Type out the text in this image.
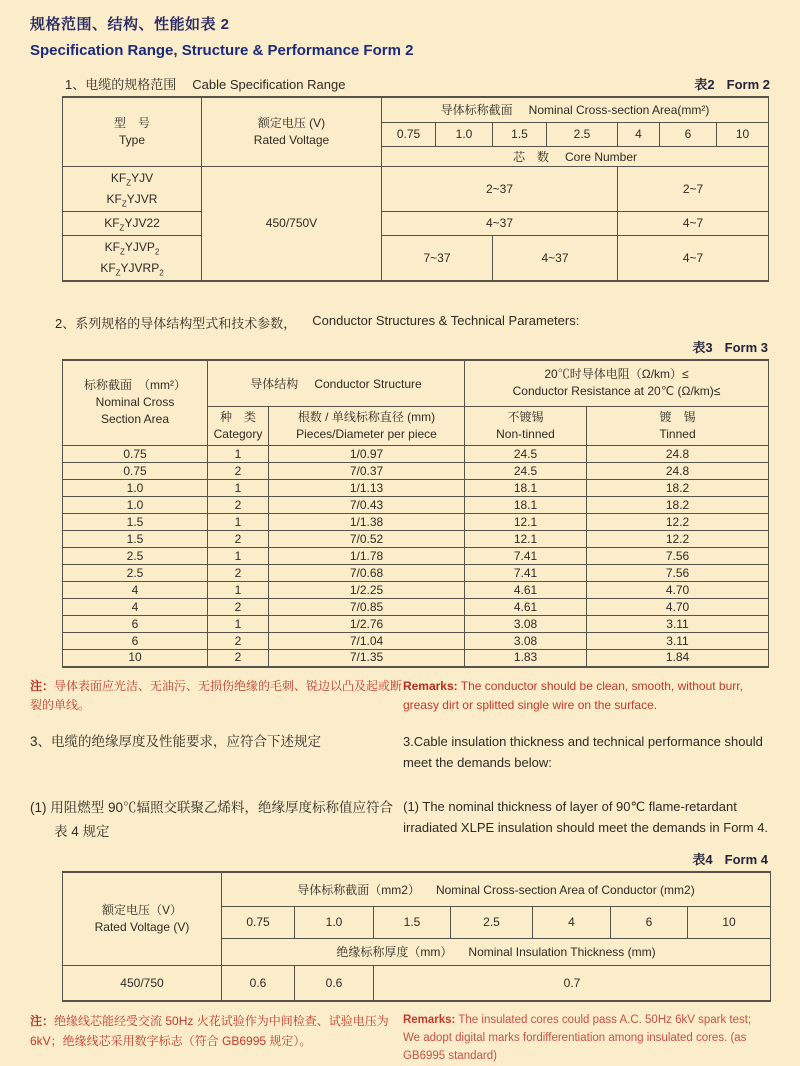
规格范围、结构、性能如表 2
Specification Range, Structure & Performance Form 2
1、电缆的规格范围 Cable Specification Range	表2 Form 2
型　号
Type

额定电压 (V)
Rated Voltage
	导体标称截面 Nominal Cross-section Area(mm²)
		0.75	1.0	1.5	2.5	4	6	10
		芯　数 Core Number						

$KF_ZYJV$
$KF_ZYJVR$	450/750V	2~37				2~7		

$KF_ZYJV22$		4~37				4~7		

$KF_ZYJVP_2$
$KF_ZYJVRP_2$		7~37		4~37		4~7		
2、系列规格的导体结构型式和技术参数， Conductor Structures & Technical Parameters:
表3 Form 3
标称截面　（mm²）
Nominal Cross
Section Area
	导体结构 Conductor Structure	
20℃时导体电阻（Ω/km）≤
Conductor Resistance at 20℃ (Ω/km)≤

种　类
Category

根数 / 单线标称直径 (mm)
Pieces/Diameter per piece

不镀锡
Non-tinned

镀　锡
Tinned

0.75	1	1/0.97	24.5	24.8
0.75	2	7/0.37	24.5	24.8
1.0	1	1/1.13	18.1	18.2
1.0	2	7/0.43	18.1	18.2
1.5	1	1/1.38	12.1	12.2
1.5	2	7/0.52	12.1	12.2
2.5	1	1/1.78	7.41	7.56
2.5	2	7/0.68	7.41	7.56
4	1	1/2.25	4.61	4.70
4	2	7/0.85	4.61	4.70
6	1	1/2.76	3.08	3.11
6	2	7/1.04	3.08	3.11
10	2	7/1.35	1.83	1.84
注：导体表面应光洁、无油污、无损伤绝缘的毛刺、锐边以凸及起或断裂的单线。
Remarks: The conductor should be clean, smooth, without burr, greasy dirt or splitted single wire on the surface.
3、电缆的绝缘厚度及性能要求，应符合下述规定	3.Cable insulation thickness and technical performance should meet the demands below:
(1) 用阻燃型 90℃辐照交联聚乙烯料，绝缘厚度标称值应符合表 4 规定
(1) The nominal thickness of layer of 90℃ flame-retardant irradiated XLPE insulation should meet the demands in Form 4.
表4 Form 4
额定电压（V）
Rated Voltage (V)	导体标称截面（mm2） Nominal Cross-section Area of Conductor (mm2)						
	0.75	1.0	1.5	2.5	4	6	10
	绝缘标称厚度（mm） Nominal Insulation Thickness (mm)						
450/750	0.6	0.6	0.7				
注：绝缘线芯能经受交流 50Hz 火花试验作为中间检查、试验电压为6kV；绝缘线芯采用数字标志（符合 GB6995 规定）。
Remarks: The insulated cores could pass A.C. 50Hz 6kV spark test; We adopt digital marks fordifferentiation among insulated cores. (as GB6995 standard)
